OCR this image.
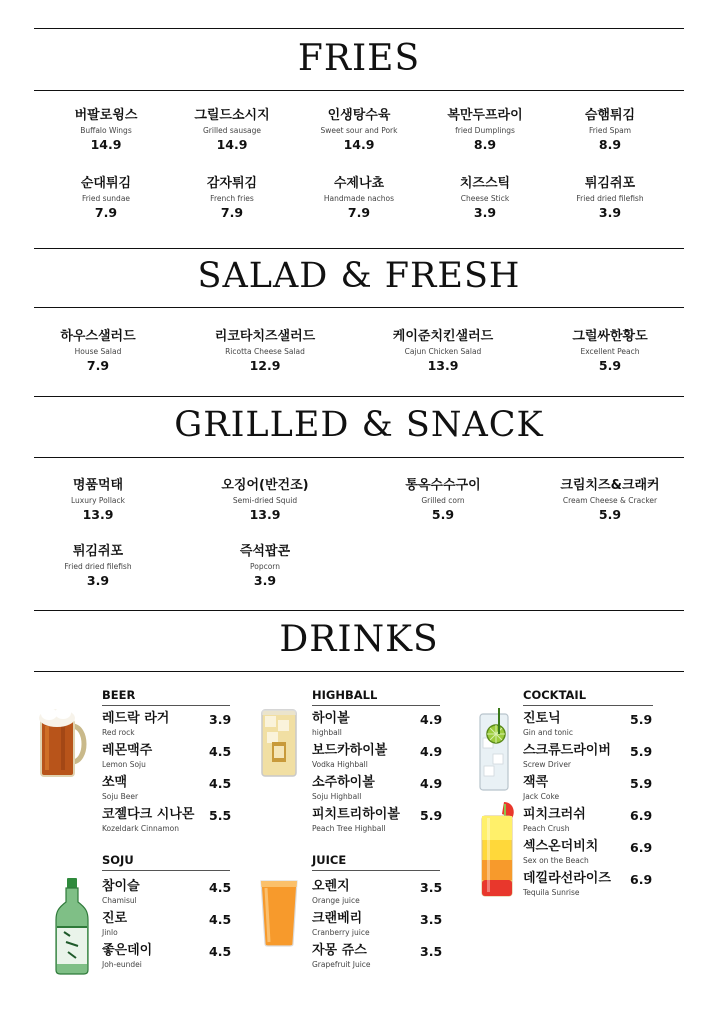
FRIES
버팔로윙스
Buffalo Wings
14.9
그릴드소시지
Grilled sausage
14.9
인생탕수육
Sweet sour and Pork
14.9
복만두프라이
fried Dumplings
8.9
슴햄튀김
Fried Spam
8.9
순대튀김
Fried sundae
7.9
감자튀김
French fries
7.9
수제나쵸
Handmade nachos
7.9
치즈스틱
Cheese Stick
3.9
튀김쥐포
Fried dried filefish
3.9
SALAD & FRESH
하우스샐러드
House Salad
7.9
리코타치즈샐러드
Ricotta Cheese Salad
12.9
케이준치킨샐러드
Cajun Chicken Salad
13.9
그럴싸한황도
Excellent Peach
5.9
GRILLED & SNACK
명품먹태
Luxury Pollack
13.9
오징어(반건조)
Semi-dried Squid
13.9
통옥수수구이
Grilled corn
5.9
크림치즈&크래커
Cream Cheese & Cracker
5.9
튀김쥐포
Fried dried filefish
3.9
즉석팝콘
Popcorn
3.9
DRINKS
BEER
레드락 라거
Red rock
3.9
레몬맥주
Lemon Soju
4.5
쏘맥
Soju Beer
4.5
코젤다크 시나몬
Kozeldark Cinnamon
5.5
SOJU
참이슬
Chamisul
4.5
진로
Jinlo
4.5
좋은데이
Joh-eundei
4.5
HIGHBALL
하이볼
highball
4.9
보드카하이볼
Vodka Highball
4.9
소주하이볼
Soju Highball
4.9
피치트리하이볼
Peach Tree Highball
5.9
JUICE
오렌지
Orange juice
3.5
크랜베리
Cranberry juice
3.5
자몽 쥬스
Grapefruit Juice
3.5
COCKTAIL
진토닉
Gin and tonic
5.9
스크류드라이버
Screw Driver
5.9
잭콕
Jack Coke
5.9
피치크러쉬
Peach Crush
6.9
섹스온더비치
Sex on the Beach
6.9
데낄라선라이즈
Tequila Sunrise
6.9
